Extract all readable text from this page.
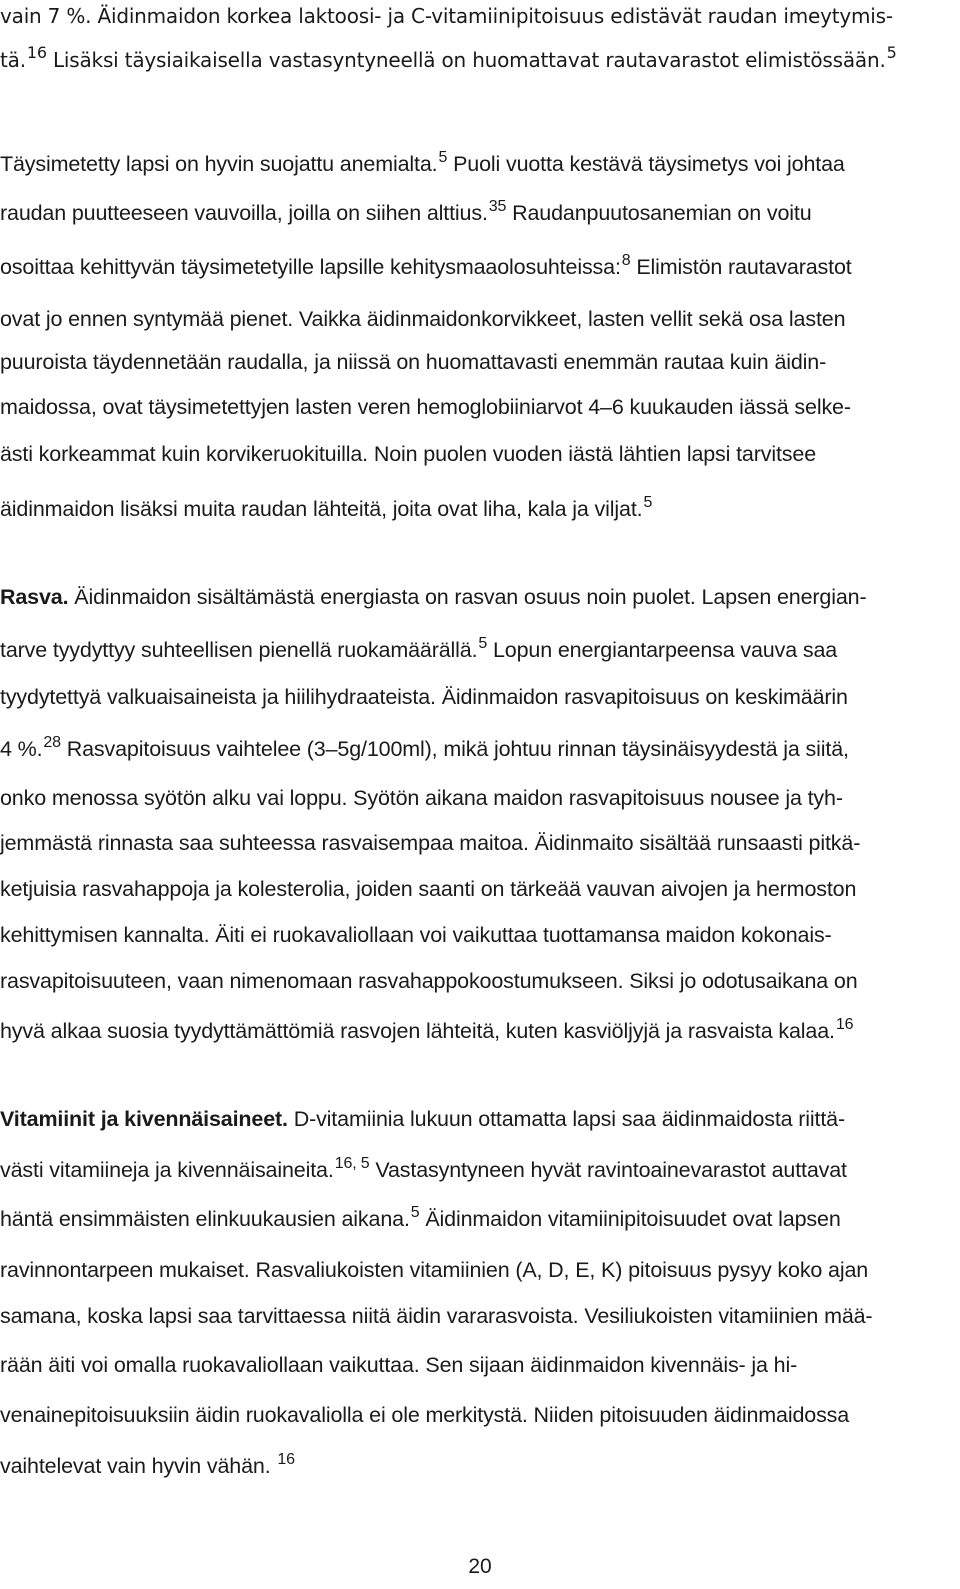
vain 7 %. Äidinmaidon korkea laktoosi- ja C-vitamiinipitoisuus edistävät raudan imeytymis-
tä.$^{16}$ Lisäksi täysiaikaisella vastasyntyneellä on huomattavat rautavarastot elimistössään.$^5$
Täysimetetty lapsi on hyvin suojattu anemialta.$^5$ Puoli vuotta kestävä täysimetys voi johtaa
raudan puutteeseen vauvoilla, joilla on siihen alttius.$^{35}$ Raudanpuutosanemian on voitu
osoittaa kehittyvän täysimetetyille lapsille kehitysmaaolosuhteissa:$^8$ Elimistön rautavarastot
ovat jo ennen syntymää pienet. Vaikka äidinmaidonkorvikkeet, lasten vellit sekä osa lasten
puuroista täydennetään raudalla, ja niissä on huomattavasti enemmän rautaa kuin äidin-
maidossa, ovat täysimetettyjen lasten veren hemoglobiiniarvot 4–6 kuukauden iässä selke-
ästi korkeammat kuin korvikeruokituilla. Noin puolen vuoden iästä lähtien lapsi tarvitsee
äidinmaidon lisäksi muita raudan lähteitä, joita ovat liha, kala ja viljat.$^5$
Rasva. Äidinmaidon sisältämästä energiasta on rasvan osuus noin puolet. Lapsen energian-
tarve tyydyttyy suhteellisen pienellä ruokamäärällä.$^5$ Lopun energiantarpeensa vauva saa
tyydytettyä valkuaisaineista ja hiilihydraateista. Äidinmaidon rasvapitoisuus on keskimäärin
4 %.$^{28}$ Rasvapitoisuus vaihtelee (3–5g/100ml), mikä johtuu rinnan täysinäisyydestä ja siitä,
onko menossa syötön alku vai loppu. Syötön aikana maidon rasvapitoisuus nousee ja tyh-
jemmästä rinnasta saa suhteessa rasvaisempaa maitoa. Äidinmaito sisältää runsaasti pitkä-
ketjuisia rasvahappoja ja kolesterolia, joiden saanti on tärkeää vauvan aivojen ja hermoston
kehittymisen kannalta. Äiti ei ruokavaliollaan voi vaikuttaa tuottamansa maidon kokonais-
rasvapitoisuuteen, vaan nimenomaan rasvahappokoostumukseen. Siksi jo odotusaikana on
hyvä alkaa suosia tyydyttämättömiä rasvojen lähteitä, kuten kasviöljyjä ja rasvaista kalaa.$^{16}$
Vitamiinit ja kivennäisaineet. D-vitamiinia lukuun ottamatta lapsi saa äidinmaidosta riittä-
västi vitamiineja ja kivennäisaineita.$^{16, 5}$ Vastasyntyneen hyvät ravintoainevarastot auttavat
häntä ensimmäisten elinkuukausien aikana.$^5$ Äidinmaidon vitamiinipitoisuudet ovat lapsen
ravinnontarpeen mukaiset. Rasvaliukoisten vitamiinien (A, D, E, K) pitoisuus pysyy koko ajan
samana, koska lapsi saa tarvittaessa niitä äidin vararasvoista. Vesiliukoisten vitamiinien mää-
rään äiti voi omalla ruokavaliollaan vaikuttaa. Sen sijaan äidinmaidon kivennäis- ja hi-
venainepitoisuuksiin äidin ruokavaliolla ei ole merkitystä. Niiden pitoisuuden äidinmaidossa
vaihtelevat vain hyvin vähän. $^{16}$
20
